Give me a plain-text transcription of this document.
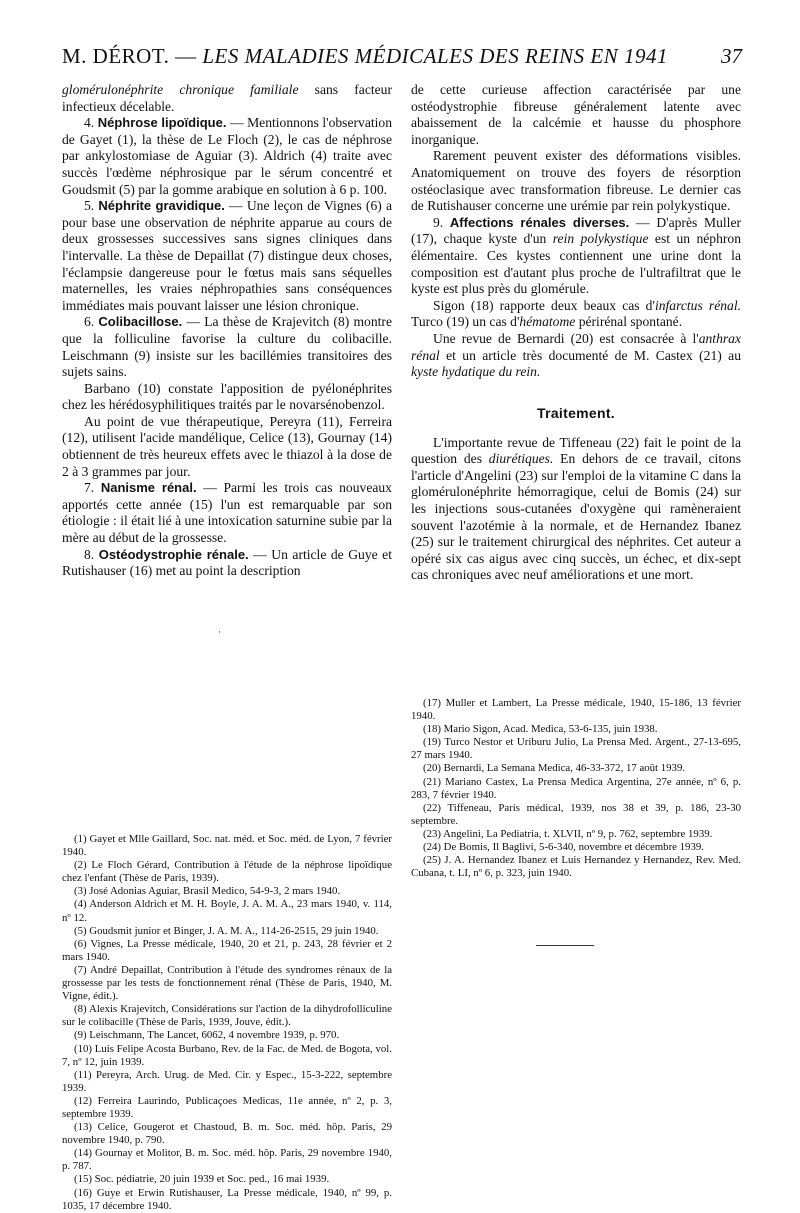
M. DÉROT. — LES MALADIES MÉDICALES DES REINS EN 1941	37

glomérulonéphrite chronique familiale sans facteur infectieux décelable.

4. Néphrose lipoïdique. — Mentionnons l'observation de Gayet (1), la thèse de Le Floch (2), le cas de néphrose par ankylostomiase de Aguiar (3). Aldrich (4) traite avec succès l'œdème néphrosique par le sérum concentré et Goudsmit (5) par la gomme arabique en solution à 6 p. 100.

5. Néphrite gravidique. — Une leçon de Vignes (6) a pour base une observation de néphrite apparue au cours de deux grossesses successives sans signes cliniques dans l'intervalle. La thèse de Depaillat (7) distingue deux choses, l'éclampsie dangereuse pour le fœtus mais sans séquelles maternelles, les vraies néphropathies sans conséquences immédiates mais pouvant laisser une lésion chronique.

6. Colibacillose. — La thèse de Krajevitch (8) montre que la folliculine favorise la culture du colibacille. Leischmann (9) insiste sur les bacillémies transitoires des sujets sains.

Barbano (10) constate l'apposition de pyélonéphrites chez les hérédosyphilitiques traités par le novarsénobenzol.

Au point de vue thérapeutique, Pereyra (11), Ferreira (12), utilisent l'acide mandélique, Celice (13), Gournay (14) obtiennent de très heureux effets avec le thiazol à la dose de 2 à 3 grammes par jour.

7. Nanisme rénal. — Parmi les trois cas nouveaux apportés cette année (15) l'un est remarquable par son étiologie : il était lié à une intoxication saturnine subie par la mère au début de la grossesse.

8. Ostéodystrophie rénale. — Un article de Guye et Rutishauser (16) met au point la description

de cette curieuse affection caractérisée par une ostéodystrophie fibreuse généralement latente avec abaissement de la calcémie et hausse du phosphore inorganique.

Rarement peuvent exister des déformations visibles. Anatomiquement on trouve des foyers de résorption ostéoclasique avec transformation fibreuse. Le dernier cas de Rutishauser concerne une urémie par rein polykystique.

9. Affections rénales diverses. — D'après Muller (17), chaque kyste d'un rein polykystique est un néphron élémentaire. Ces kystes contiennent une urine dont la composition est d'autant plus proche de l'ultrafiltrat que le kyste est plus près du glomérule.

Sigon (18) rapporte deux beaux cas d'infarctus rénal. Turco (19) un cas d'hématome périrénal spontané.

Une revue de Bernardi (20) est consacrée à l'anthrax rénal et un article très documenté de M. Castex (21) au kyste hydatique du rein.

Traitement.

L'importante revue de Tiffeneau (22) fait le point de la question des diurétiques. En dehors de ce travail, citons l'article d'Angelini (23) sur l'emploi de la vitamine C dans la glomérulonéphrite hémorragique, celui de Bomis (24) sur les injections sous-cutanées d'oxygène qui ramèneraient souvent l'azotémie à la normale, et de Hernandez Ibanez (25) sur le traitement chirurgical des néphrites. Cet auteur a opéré six cas aigus avec cinq succès, un échec, et dix-sept cas chroniques avec neuf améliorations et une mort.

·

(1) Gayet et Mlle Gaillard, Soc. nat. méd. et Soc. méd. de Lyon, 7 février 1940.

(2) Le Floch Gérard, Contribution à l'étude de la néphrose lipoïdique chez l'enfant (Thèse de Paris, 1939).

(3) José Adonias Aguiar, Brasil Medico, 54-9-3, 2 mars 1940.

(4) Anderson Aldrich et M. H. Boyle, J. A. M. A., 23 mars 1940, v. 114, nº 12.

(5) Goudsmit junior et Binger, J. A. M. A., 114-26-2515, 29 juin 1940.

(6) Vignes, La Presse médicale, 1940, 20 et 21, p. 243, 28 février et 2 mars 1940.

(7) André Depaillat, Contribution à l'étude des syndromes rénaux de la grossesse par les tests de fonctionnement rénal (Thèse de Paris, 1940, M. Vigne, édit.).

(8) Alexis Krajevitch, Considérations sur l'action de la dihydrofolliculine sur le colibacille (Thèse de Paris, 1939, Jouve, édit.).

(9) Leischmann, The Lancet, 6062, 4 novembre 1939, p. 970.

(10) Luis Felipe Acosta Burbano, Rev. de la Fac. de Med. de Bogota, vol. 7, nº 12, juin 1939.

(11) Pereyra, Arch. Urug. de Med. Cir. y Espec., 15-3-222, septembre 1939.

(12) Ferreira Laurindo, Publicaçoes Medicas, 11e année, nº 2, p. 3, septembre 1939.

(13) Celice, Gougerot et Chastoud, B. m. Soc. méd. hôp. Paris, 29 novembre 1940, p. 790.

(14) Gournay et Molitor, B. m. Soc. méd. hôp. Paris, 29 novembre 1940, p. 787.

(15) Soc. pédiatrie, 20 juin 1939 et Soc. ped., 16 mai 1939.

(16) Guye et Erwin Rutishauser, La Presse médicale, 1940, nº 99, p. 1035, 17 décembre 1940.

(17) Muller et Lambert, La Presse médicale, 1940, 15-186, 13 février 1940.

(18) Mario Sigon, Acad. Medica, 53-6-135, juin 1938.

(19) Turco Nestor et Uriburu Julio, La Prensa Med. Argent., 27-13-695, 27 mars 1940.

(20) Bernardi, La Semana Medica, 46-33-372, 17 août 1939.

(21) Mariano Castex, La Prensa Medica Argentina, 27e année, nº 6, p. 283, 7 février 1940.

(22) Tiffeneau, Paris médical, 1939, nos 38 et 39, p. 186, 23-30 septembre.

(23) Angelini, La Pediatria, t. XLVII, nº 9, p. 762, septembre 1939.

(24) De Bomis, Il Baglivi, 5-6-340, novembre et décembre 1939.

(25) J. A. Hernandez Ibanez et Luis Hernandez y Hernandez, Rev. Med. Cubana, t. LI, nº 6, p. 323, juin 1940.
